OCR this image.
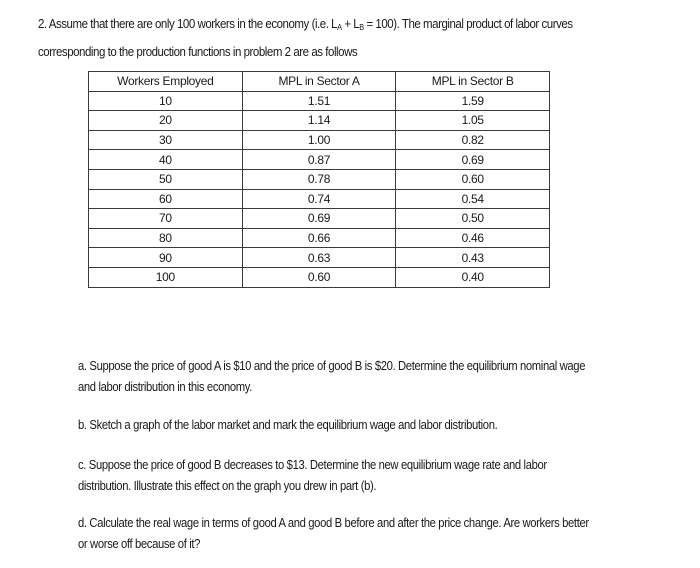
2. Assume that there are only 100 workers in the economy (i.e. $L_A + L_B = 100$). The marginal product of labor curves
corresponding to the production functions in problem 2 are as follows
Workers Employed	MPL in Sector A	MPL in Sector B
10	1.51	1.59
20	1.14	1.05
30	1.00	0.82
40	0.87	0.69
50	0.78	0.60
60	0.74	0.54
70	0.69	0.50
80	0.66	0.46
90	0.63	0.43
100	0.60	0.40
a. Suppose the price of good A is $10 and the price of good B is $20. Determine the equilibrium nominal wage
and labor distribution in this economy.
b. Sketch a graph of the labor market and mark the equilibrium wage and labor distribution.
c. Suppose the price of good B decreases to $13. Determine the new equilibrium wage rate and labor
distribution. Illustrate this effect on the graph you drew in part (b).
d. Calculate the real wage in terms of good A and good B before and after the price change. Are workers better
or worse off because of it?
